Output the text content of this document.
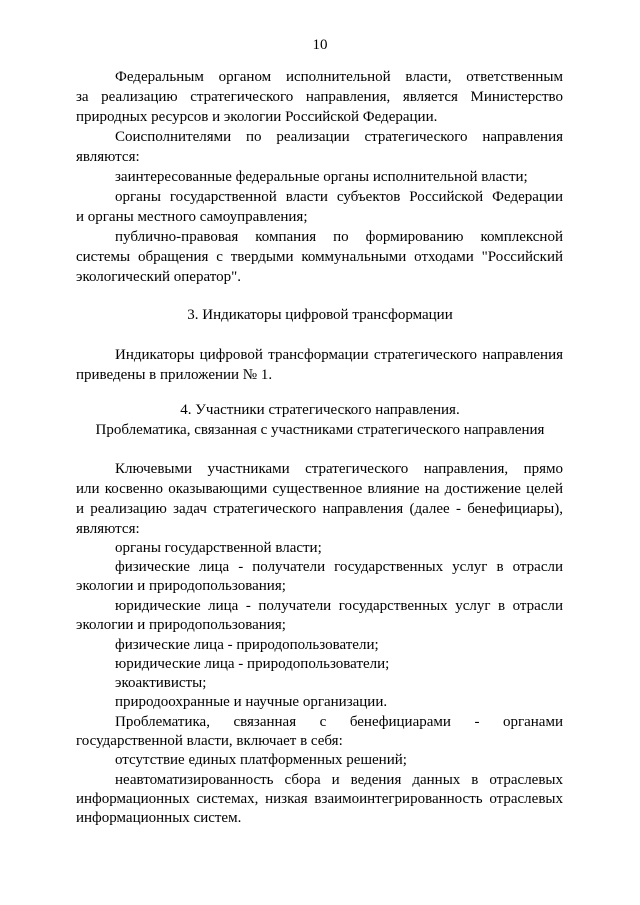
10
Федеральным органом исполнительной власти, ответственным
за реализацию стратегического направления, является Министерство
природных ресурсов и экологии Российской Федерации.
Соисполнителями по реализации стратегического направления
являются:
заинтересованные федеральные органы исполнительной власти;
органы государственной власти субъектов Российской Федерации
и органы местного самоуправления;
публично-правовая компания по формированию комплексной
системы обращения с твердыми коммунальными отходами "Российский
экологический оператор".
3. Индикаторы цифровой трансформации
Индикаторы цифровой трансформации стратегического направления
приведены в приложении № 1.
4. Участники стратегического направления.
Проблематика, связанная с участниками стратегического направления
Ключевыми участниками стратегического направления, прямо
или косвенно оказывающими существенное влияние на достижение целей
и реализацию задач стратегического направления (далее - бенефициары),
являются:
органы государственной власти;
физические лица - получатели государственных услуг в отрасли
экологии и природопользования;
юридические лица - получатели государственных услуг в отрасли
экологии и природопользования;
физические лица - природопользователи;
юридические лица - природопользователи;
экоактивисты;
природоохранные и научные организации.
Проблематика, связанная с бенефициарами - органами
государственной власти, включает в себя:
отсутствие единых платформенных решений;
неавтоматизированность сбора и ведения данных в отраслевых
информационных системах, низкая взаимоинтегрированность отраслевых
информационных систем.
